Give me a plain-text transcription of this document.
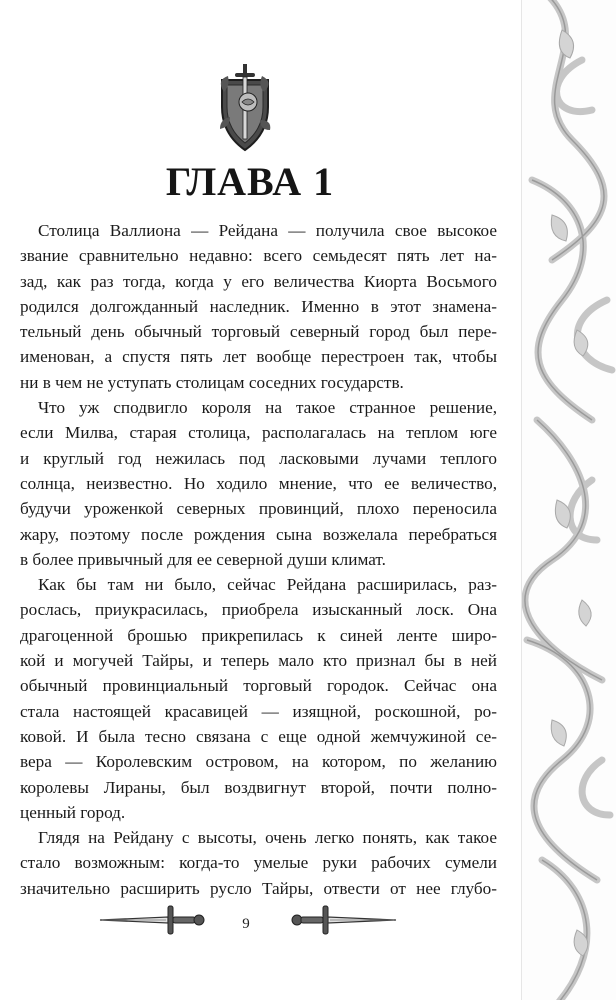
ГЛАВА 1
Столица Валлиона — Рейдана — получила свое высокое
звание сравнительно недавно: всего семьдесят пять лет на-
зад, как раз тогда, когда у его величества Киорта Восьмого
родился долгожданный наследник. Именно в этот знамена-
тельный день обычный торговый северный город был пере-
именован, а спустя пять лет вообще перестроен так, чтобы
ни в чем не уступать столицам соседних государств.
Что уж сподвигло короля на такое странное решение,
если Милва, старая столица, располагалась на теплом юге
и круглый год нежилась под ласковыми лучами теплого
солнца, неизвестно. Но ходило мнение, что ее величество,
будучи уроженкой северных провинций, плохо переносила
жару, поэтому после рождения сына возжелала перебраться
в более привычный для ее северной души климат.
Как бы там ни было, сейчас Рейдана расширилась, раз-
рослась, приукрасилась, приобрела изысканный лоск. Она
драгоценной брошью прикрепилась к синей ленте широ-
кой и могучей Тайры, и теперь мало кто признал бы в ней
обычный провинциальный торговый городок. Сейчас она
стала настоящей красавицей — изящной, роскошной, ро-
ковой. И была тесно связана с еще одной жемчужиной се-
вера — Королевским островом, на котором, по желанию
королевы Лираны, был воздвигнут второй, почти полно-
ценный город.
Глядя на Рейдану с высоты, очень легко понять, как такое
стало возможным: когда-то умелые руки рабочих сумели
значительно расширить русло Тайры, отвести от нее глубо-
9
